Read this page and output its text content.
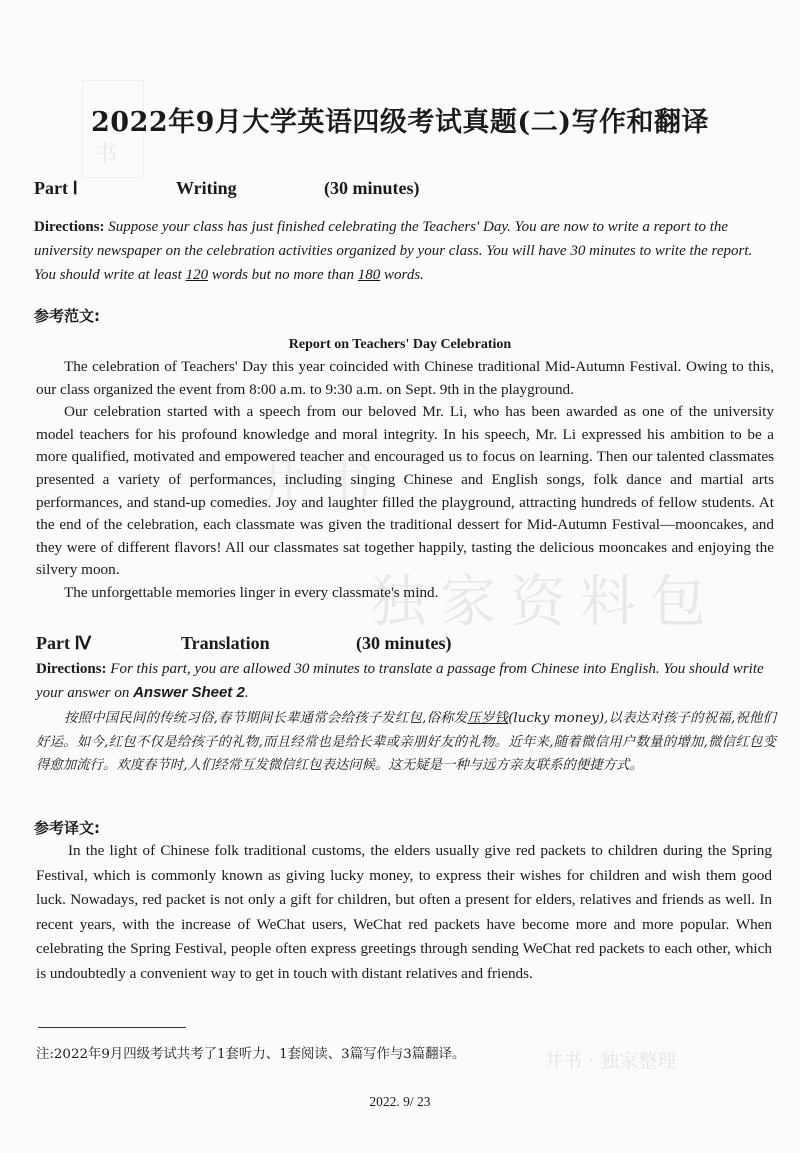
书
井 书
独家资料包
井书 · 独家整理
2022年9月大学英语四级考试真题(二)写作和翻译
Part Ⅰ	Writing	(30 minutes)
Directions: Suppose your class has just finished celebrating the Teachers' Day. You are now to write a report to the university newspaper on the celebration activities organized by your class. You will have 30 minutes to write the report. You should write at least 120 words but no more than 180 words.
参考范文:
Report on Teachers' Day Celebration

The celebration of Teachers' Day this year coincided with Chinese traditional Mid-Autumn Festival. Owing to this, our class organized the event from 8:00 a.m. to 9:30 a.m. on Sept. 9th in the playground.

Our celebration started with a speech from our beloved Mr. Li, who has been awarded as one of the university model teachers for his profound knowledge and moral integrity. In his speech, Mr. Li expressed his ambition to be a more qualified, motivated and empowered teacher and encouraged us to focus on learning. Then our talented classmates presented a variety of performances, including singing Chinese and English songs, folk dance and martial arts performances, and stand-up comedies. Joy and laughter filled the playground, attracting hundreds of fellow students. At the end of the celebration, each classmate was given the traditional dessert for Mid-Autumn Festival—mooncakes, and they were of different flavors! All our classmates sat together happily, tasting the delicious mooncakes and enjoying the silvery moon.

The unforgettable memories linger in every classmate's mind.

Part Ⅳ	Translation	(30 minutes)
Directions: For this part, you are allowed 30 minutes to translate a passage from Chinese into English. You should write your answer on Answer Sheet 2.

按照中国民间的传统习俗,春节期间长辈通常会给孩子发红包,俗称发压岁钱(lucky money),以表达对孩子的祝福,祝他们好运。如今,红包不仅是给孩子的礼物,而且经常也是给长辈或亲朋好友的礼物。近年来,随着微信用户数量的增加,微信红包变得愈加流行。欢度春节时,人们经常互发微信红包表达问候。这无疑是一种与远方亲友联系的便捷方式。

参考译文:

In the light of Chinese folk traditional customs, the elders usually give red packets to children during the Spring Festival, which is commonly known as giving lucky money, to express their wishes for children and wish them good luck. Nowadays, red packet is not only a gift for children, but often a present for elders, relatives and friends as well. In recent years, with the increase of WeChat users, WeChat red packets have become more and more popular. When celebrating the Spring Festival, people often express greetings through sending WeChat red packets to each other, which is undoubtedly a convenient way to get in touch with distant relatives and friends.

注:2022年9月四级考试共考了1套听力、1套阅读、3篇写作与3篇翻译。
2022. 9/ 23
